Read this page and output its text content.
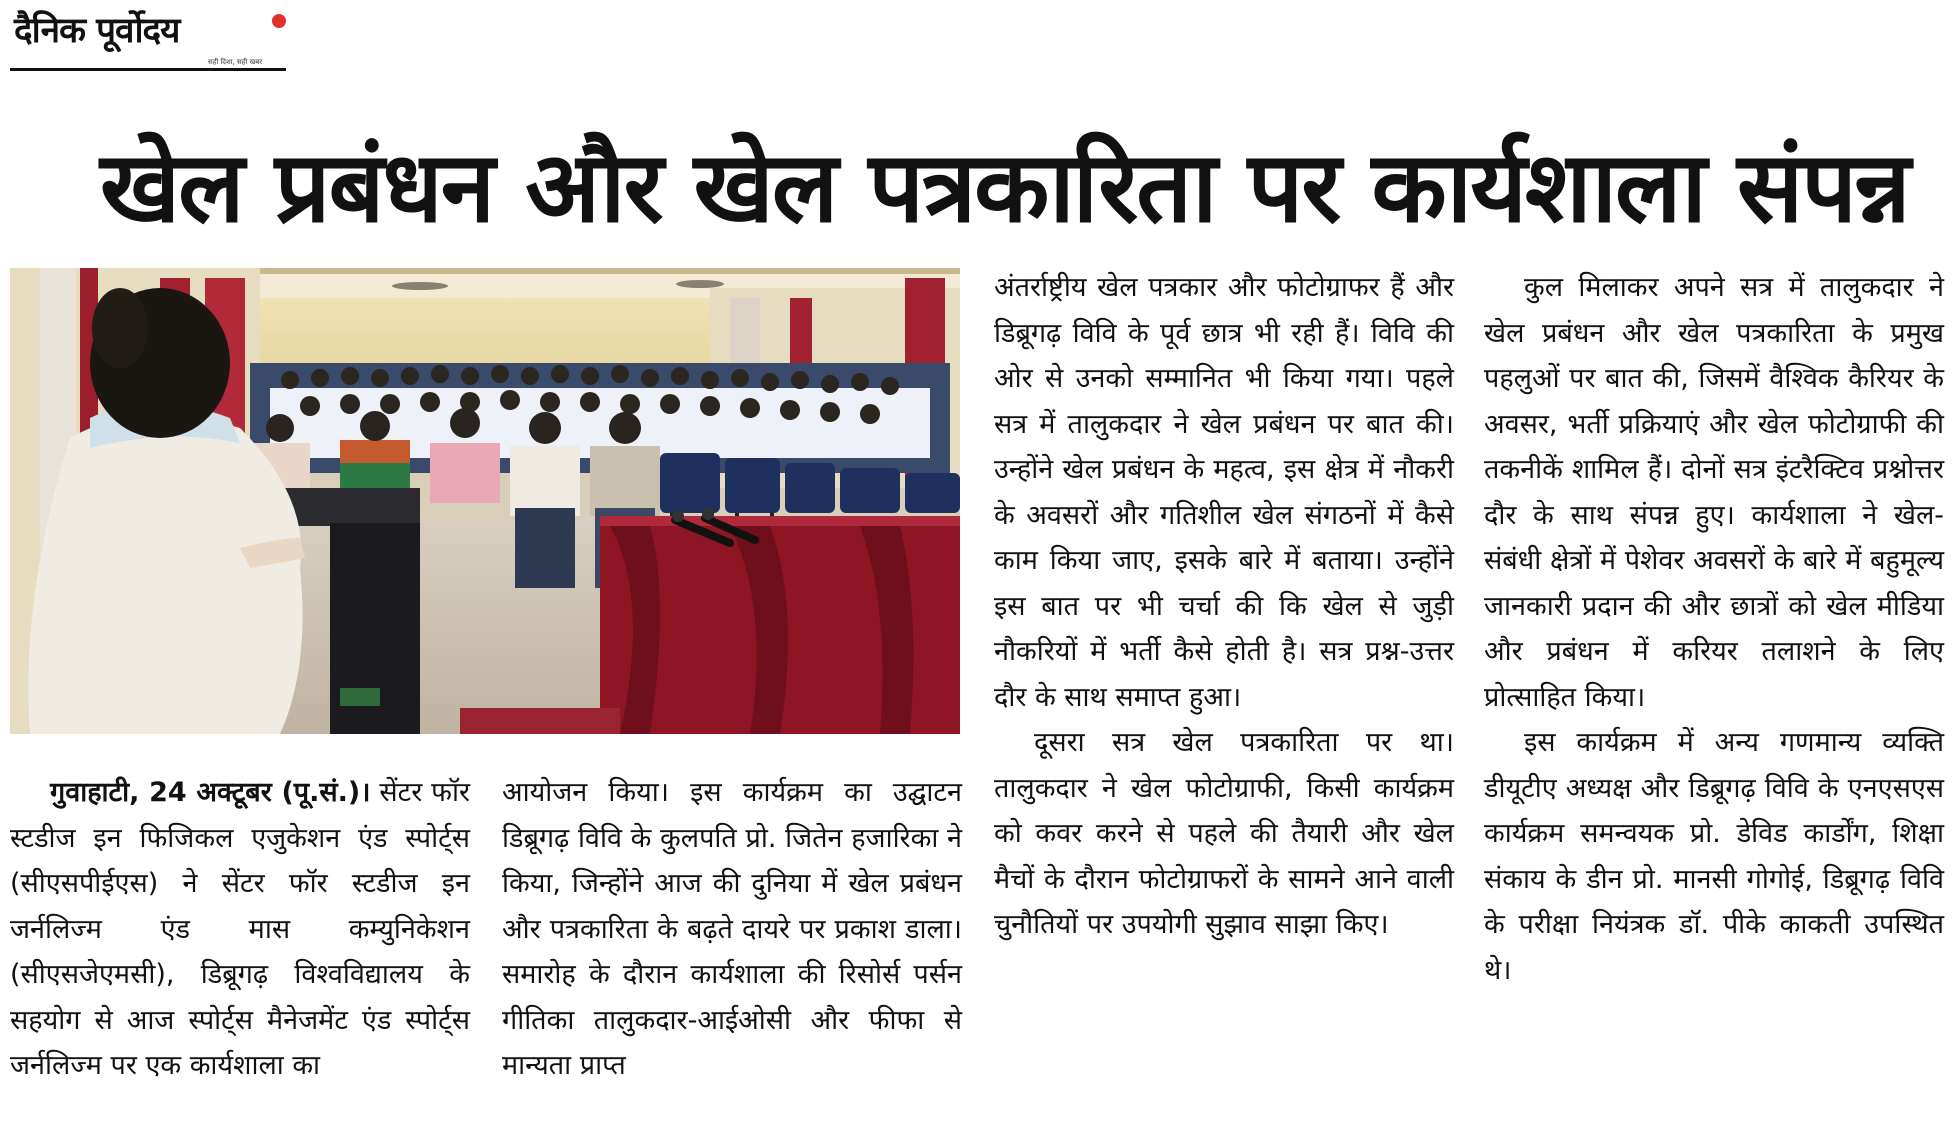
दैनिक पूर्वोदय
सही दिशा, सही खबर
खेल प्रबंधन और खेल पत्रकारिता पर कार्यशाला संपन्न

गुवाहाटी, 24 अक्टूबर (पू.सं.)। सेंटर फॉर स्टडीज इन फिजिकल एजुकेशन एंड स्पोर्ट्स (सीएसपीईएस) ने सेंटर फॉर स्टडीज इन जर्नलिज्म एंड मास कम्युनिकेशन (सीएसजेएमसी), डिब्रूगढ़ विश्वविद्यालय के सहयोग से आज स्पोर्ट्स मैनेजमेंट एंड स्पोर्ट्स जर्नलिज्म पर एक कार्यशाला का

आयोजन किया। इस कार्यक्रम का उद्घाटन डिब्रूगढ़ विवि के कुलपति प्रो. जितेन हजारिका ने किया, जिन्होंने आज की दुनिया में खेल प्रबंधन और पत्रकारिता के बढ़ते दायरे पर प्रकाश डाला। समारोह के दौरान कार्यशाला की रिसोर्स पर्सन गीतिका तालुकदार-आईओसी और फीफा से मान्यता प्राप्त

अंतर्राष्ट्रीय खेल पत्रकार और फोटोग्राफर हैं और डिब्रूगढ़ विवि के पूर्व छात्र भी रही हैं। विवि की ओर से उनको सम्मानित भी किया गया। पहले सत्र में तालुकदार ने खेल प्रबंधन पर बात की। उन्होंने खेल प्रबंधन के महत्व, इस क्षेत्र में नौकरी के अवसरों और गतिशील खेल संगठनों में कैसे काम किया जाए, इसके बारे में बताया। उन्होंने इस बात पर भी चर्चा की कि खेल से जुड़ी नौकरियों में भर्ती कैसे होती है। सत्र प्रश्न-उत्तर दौर के साथ समाप्त हुआ।

दूसरा सत्र खेल पत्रकारिता पर था। तालुकदार ने खेल फोटोग्राफी, किसी कार्यक्रम को कवर करने से पहले की तैयारी और खेल मैचों के दौरान फोटोग्राफरों के सामने आने वाली चुनौतियों पर उपयोगी सुझाव साझा किए।

कुल मिलाकर अपने सत्र में तालुकदार ने खेल प्रबंधन और खेल पत्रकारिता के प्रमुख पहलुओं पर बात की, जिसमें वैश्विक कैरियर के अवसर, भर्ती प्रक्रियाएं और खेल फोटोग्राफी की तकनीकें शामिल हैं। दोनों सत्र इंटरैक्टिव प्रश्नोत्तर दौर के साथ संपन्न हुए। कार्यशाला ने खेल-संबंधी क्षेत्रों में पेशेवर अवसरों के बारे में बहुमूल्य जानकारी प्रदान की और छात्रों को खेल मीडिया और प्रबंधन में करियर तलाशने के लिए प्रोत्साहित किया।

इस कार्यक्रम में अन्य गणमान्य व्यक्ति डीयूटीए अध्यक्ष और डिब्रूगढ़ विवि के एनएसएस कार्यक्रम समन्वयक प्रो. डेविड कार्डोंग, शिक्षा संकाय के डीन प्रो. मानसी गोगोई, डिब्रूगढ़ विवि के परीक्षा नियंत्रक डॉ. पीके काकती उपस्थित थे।
